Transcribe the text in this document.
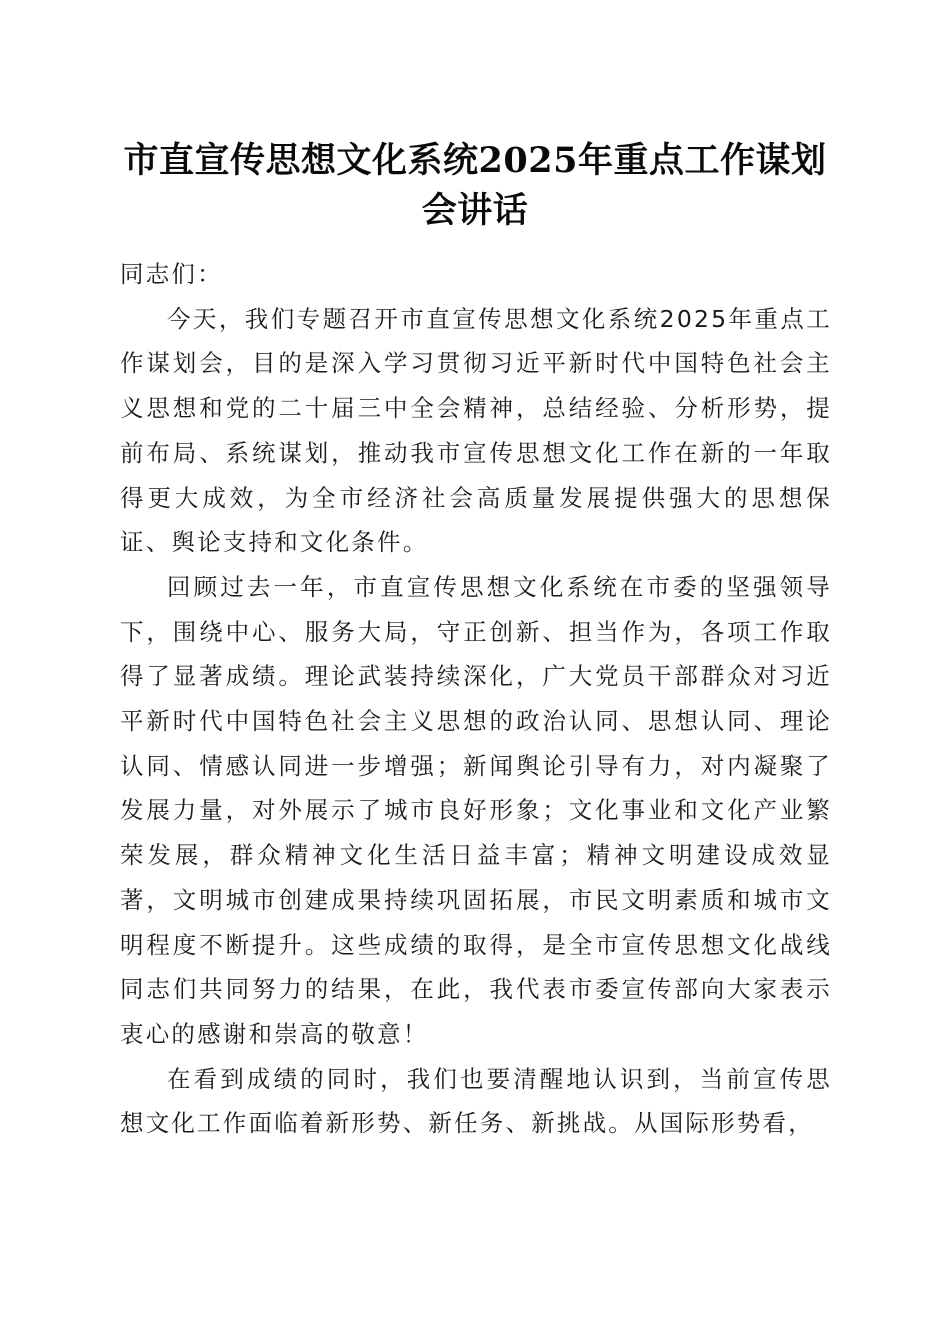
市直宣传思想文化系统2025年重点工作谋划
会讲话

同志们：

今天，我们专题召开市直宣传思想文化系统2025年重点工作谋划会，目的是深入学习贯彻习近平新时代中国特色社会主义思想和党的二十届三中全会精神，总结经验、分析形势，提前布局、系统谋划，推动我市宣传思想文化工作在新的一年取得更大成效，为全市经济社会高质量发展提供强大的思想保证、舆论支持和文化条件。

回顾过去一年，市直宣传思想文化系统在市委的坚强领导下，围绕中心、服务大局，守正创新、担当作为，各项工作取得了显著成绩。理论武装持续深化，广大党员干部群众对习近平新时代中国特色社会主义思想的政治认同、思想认同、理论认同、情感认同进一步增强；新闻舆论引导有力，对内凝聚了发展力量，对外展示了城市良好形象；文化事业和文化产业繁荣发展，群众精神文化生活日益丰富；精神文明建设成效显著，文明城市创建成果持续巩固拓展，市民文明素质和城市文明程度不断提升。这些成绩的取得，是全市宣传思想文化战线同志们共同努力的结果，在此，我代表市委宣传部向大家表示衷心的感谢和崇高的敬意！

在看到成绩的同时，我们也要清醒地认识到，当前宣传思想文化工作面临着新形势、新任务、新挑战。从国际形势看，
